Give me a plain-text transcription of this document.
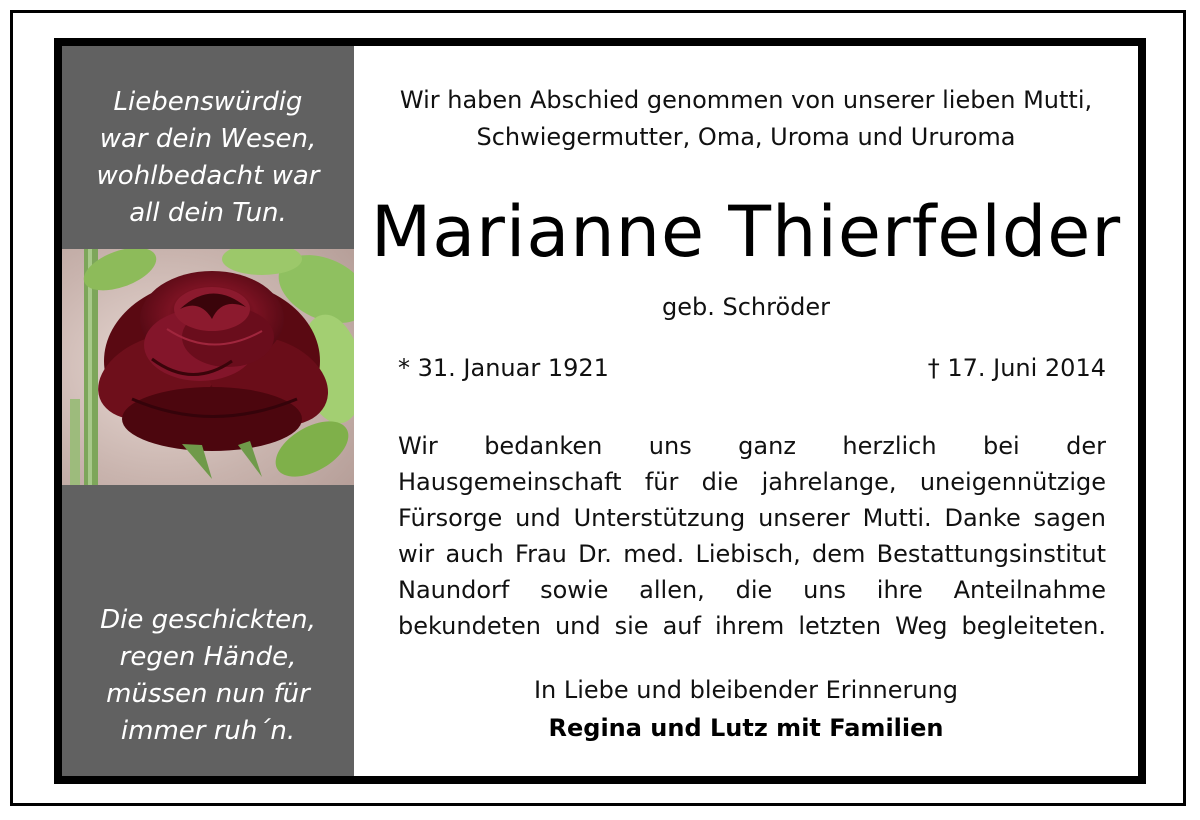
Liebenswürdig
war dein Wesen,
wohlbedacht war
all dein Tun.
Die geschickten,
regen Hände,
müssen nun für
immer ruh´n.
Wir haben Abschied genommen von unserer lieben Mutti,
Schwiegermutter, Oma, Uroma und Ururoma
Marianne Thierfelder
geb. Schröder
* 31. Januar 1921	† 17. Juni 2014
Wir bedanken uns ganz herzlich bei der
Hausgemeinschaft für die jahrelange, uneigennützige
Fürsorge und Unterstützung unserer Mutti. Danke sagen
wir auch Frau Dr. med. Liebisch, dem Bestattungsinstitut
Naundorf sowie allen, die uns ihre Anteilnahme
bekundeten und sie auf ihrem letzten Weg begleiteten.
In Liebe und bleibender Erinnerung
Regina und Lutz mit Familien
